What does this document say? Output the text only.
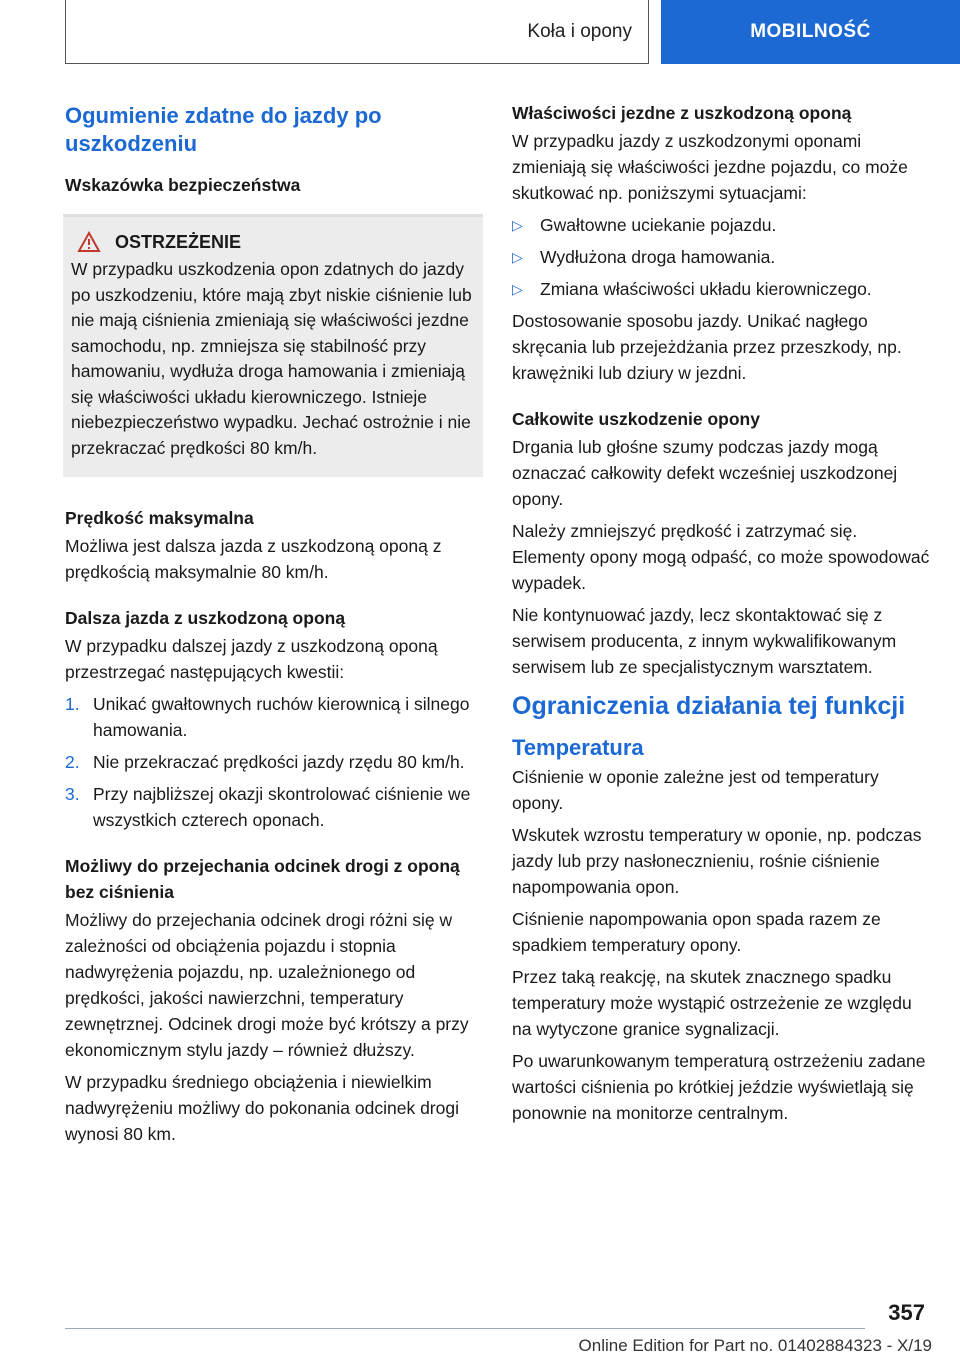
Koła i opony	MOBILNOŚĆ
Ogumienie zdatne do jazdy po uszkodzeniu
Wskazówka bezpieczeństwa
OSTRZEŻENIE

W przypadku uszkodzenia opon zdatnych do jazdy po uszkodzeniu, które mają zbyt niskie ciśnienie lub nie mają ciśnienia zmieniają się właściwości jezdne samochodu, np. zmniejsza się stabilność przy hamowaniu, wydłuża droga hamowania i zmieniają się właściwości układu kierowniczego. Istnieje niebezpieczeństwo wypadku. Jechać ostrożnie i nie przekraczać prędkości 80 km/h.

Prędkość maksymalna

Możliwa jest dalsza jazda z uszkodzoną oponą z prędkością maksymalnie 80 km/h.

Dalsza jazda z uszkodzoną oponą

W przypadku dalszej jazdy z uszkodzoną oponą przestrzegać następujących kwestii:

1. Unikać gwałtownych ruchów kierownicą i silnego hamowania.
2. Nie przekraczać prędkości jazdy rzędu 80 km/h.
3. Przy najbliższej okazji skontrolować ciśnienie we wszystkich czterech oponach.
Możliwy do przejechania odcinek drogi z oponą bez ciśnienia

Możliwy do przejechania odcinek drogi różni się w zależności od obciążenia pojazdu i stopnia nadwyrężenia pojazdu, np. uzależnionego od prędkości, jakości nawierzchni, temperatury zewnętrznej. Odcinek drogi może być krótszy a przy ekonomicznym stylu jazdy – również dłuższy.

W przypadku średniego obciążenia i niewielkim nadwyrężeniu możliwy do pokonania odcinek drogi wynosi 80 km.

Właściwości jezdne z uszkodzoną oponą

W przypadku jazdy z uszkodzonymi oponami zmieniają się właściwości jezdne pojazdu, co może skutkować np. poniższymi sytuacjami:

▷ Gwałtowne uciekanie pojazdu.
▷ Wydłużona droga hamowania.
▷ Zmiana właściwości układu kierowniczego.

Dostosowanie sposobu jazdy. Unikać nagłego skręcania lub przejeżdżania przez przeszkody, np. krawężniki lub dziury w jezdni.

Całkowite uszkodzenie opony

Drgania lub głośne szumy podczas jazdy mogą oznaczać całkowity defekt wcześniej uszkodzonej opony.

Należy zmniejszyć prędkość i zatrzymać się. Elementy opony mogą odpaść, co może spowodować wypadek.

Nie kontynuować jazdy, lecz skontaktować się z serwisem producenta, z innym wykwalifikowanym serwisem lub ze specjalistycznym warsztatem.

Ograniczenia działania tej funkcji
Temperatura

Ciśnienie w oponie zależne jest od temperatury opony.

Wskutek wzrostu temperatury w oponie, np. podczas jazdy lub przy nasłonecznieniu, rośnie ciśnienie napompowania opon.

Ciśnienie napompowania opon spada razem ze spadkiem temperatury opony.

Przez taką reakcję, na skutek znacznego spadku temperatury może wystąpić ostrzeżenie ze względu na wytyczone granice sygnalizacji.

Po uwarunkowanym temperaturą ostrzeżeniu zadane wartości ciśnienia po krótkiej jeździe wyświetlają się ponownie na monitorze centralnym.

357
Online Edition for Part no. 01402884323 - X/19
